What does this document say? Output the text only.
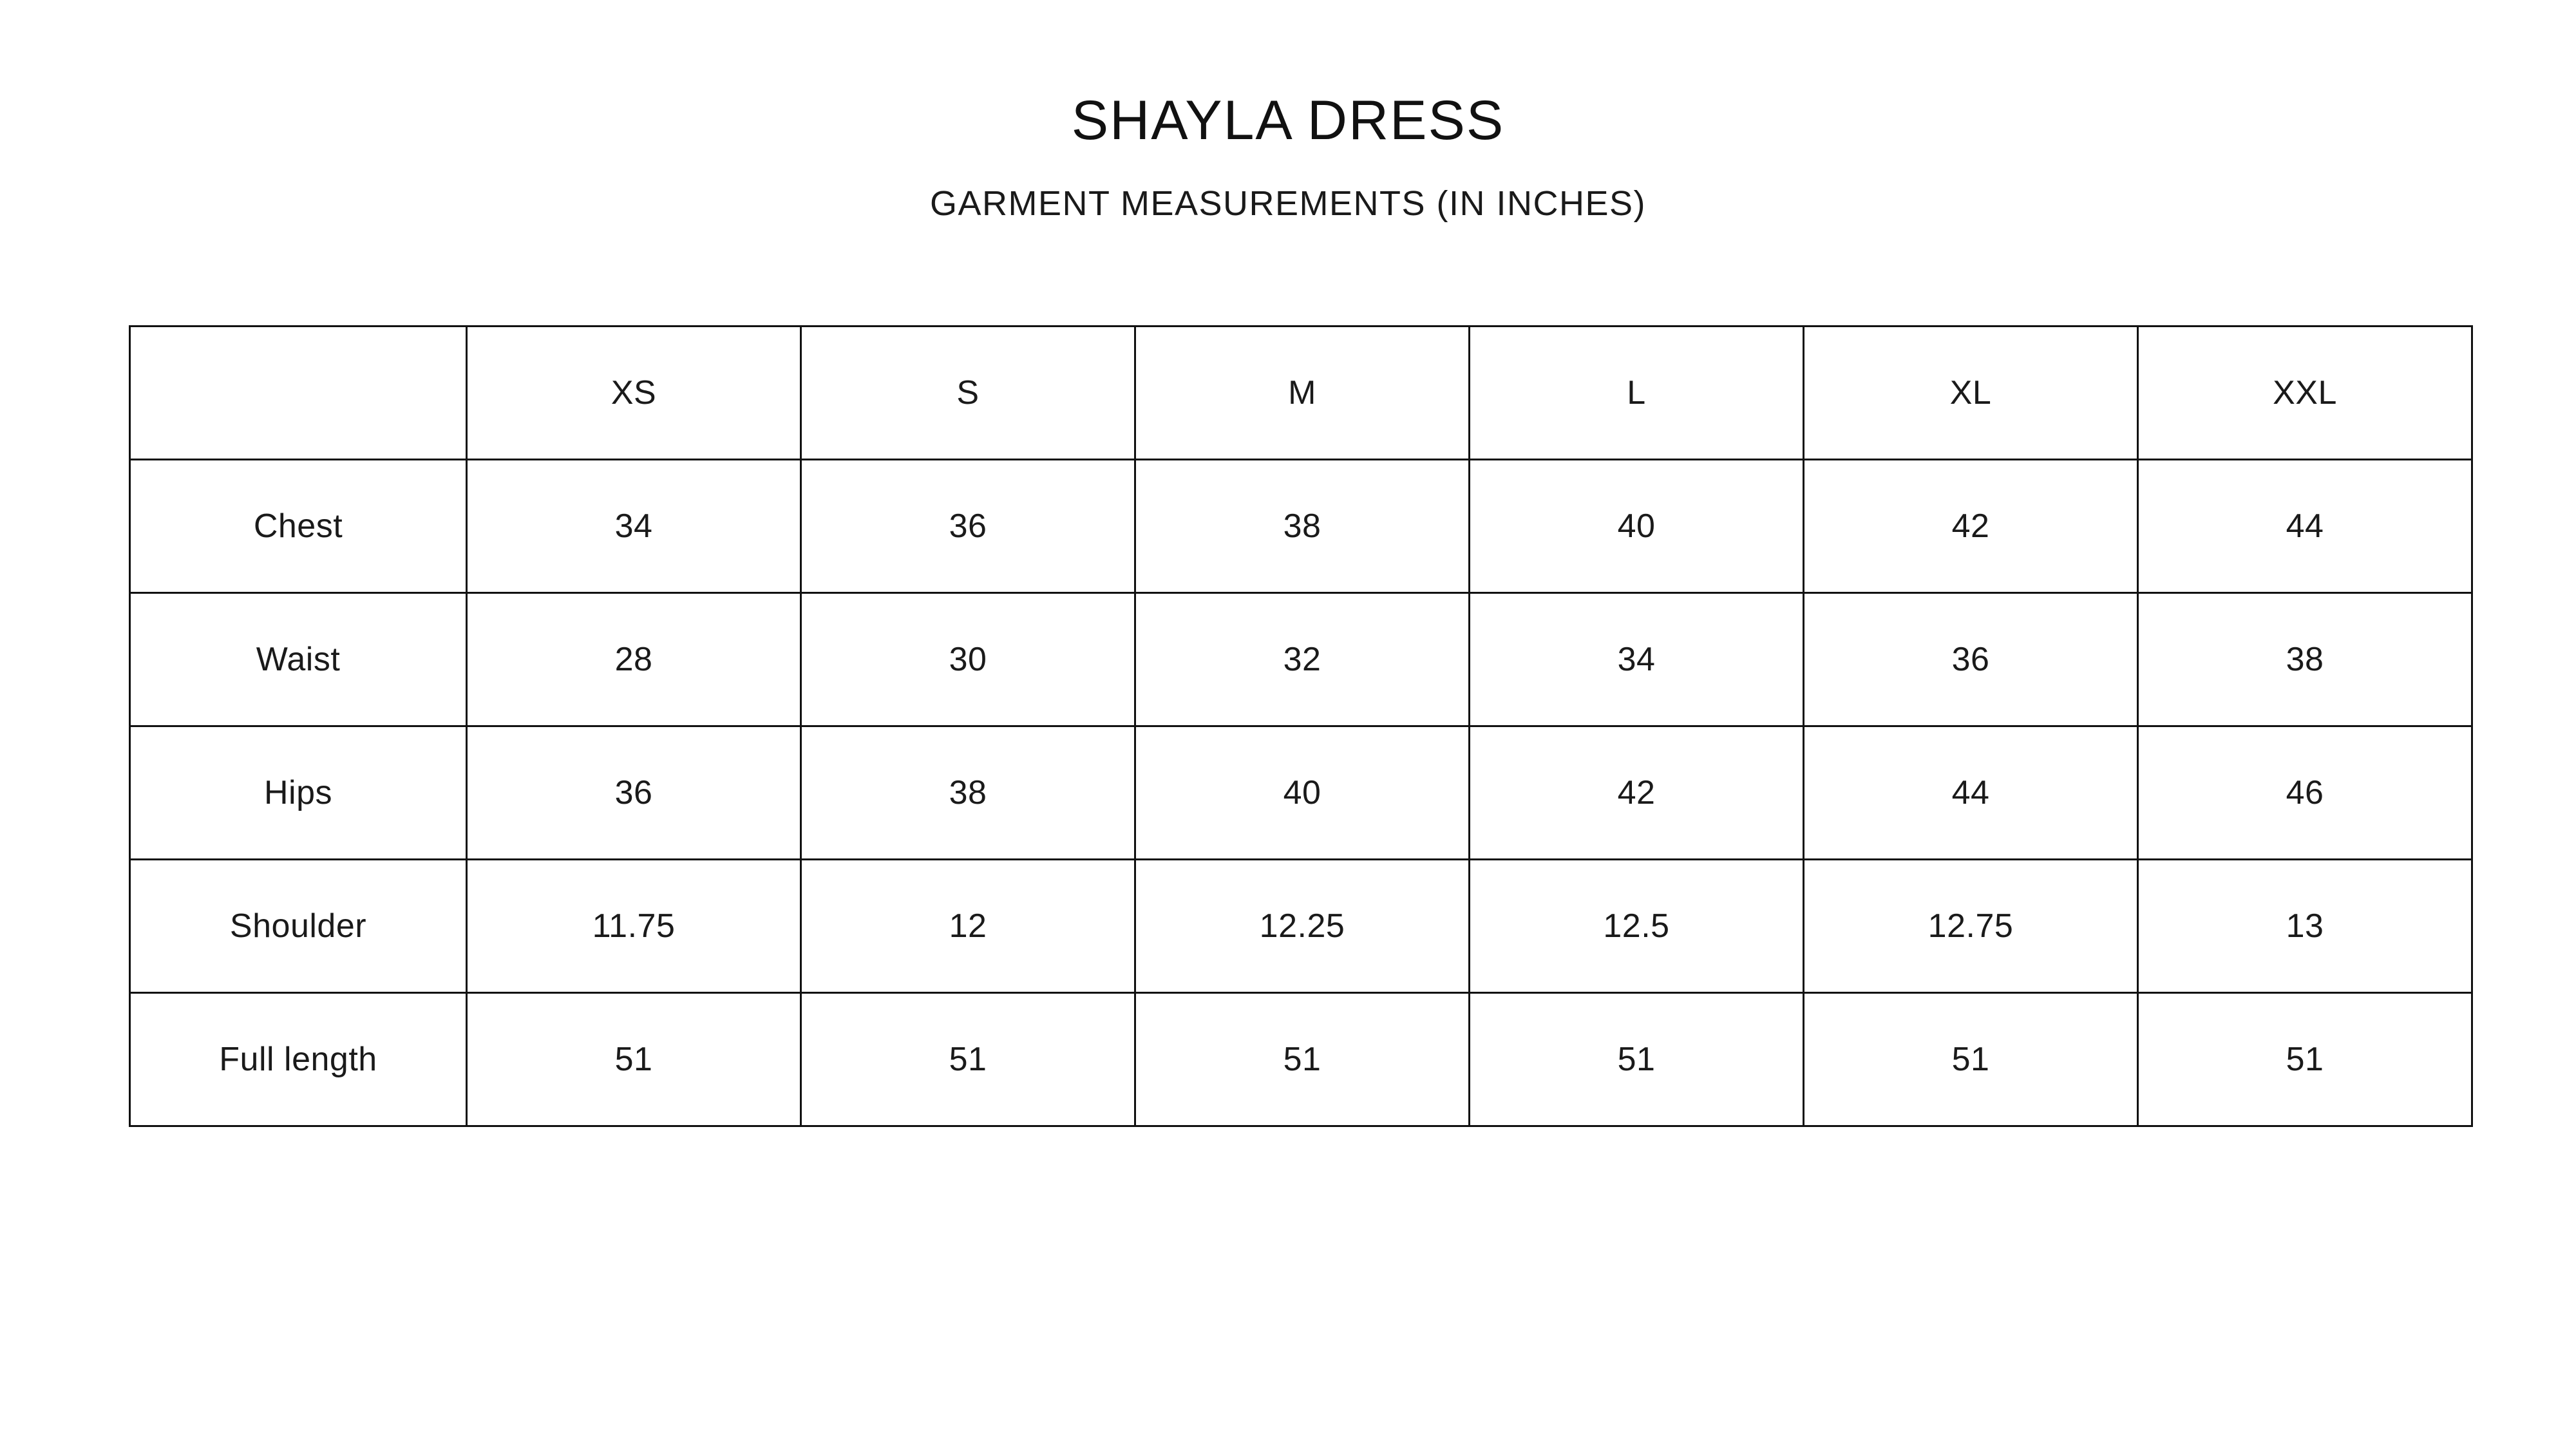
SHAYLA DRESS
GARMENT MEASUREMENTS (IN INCHES)
	XS	S	M	L	XL	XXL
Chest	34	36	38	40	42	44
Waist	28	30	32	34	36	38
Hips	36	38	40	42	44	46
Shoulder	11.75	12	12.25	12.5	12.75	13
Full length	51	51	51	51	51	51
